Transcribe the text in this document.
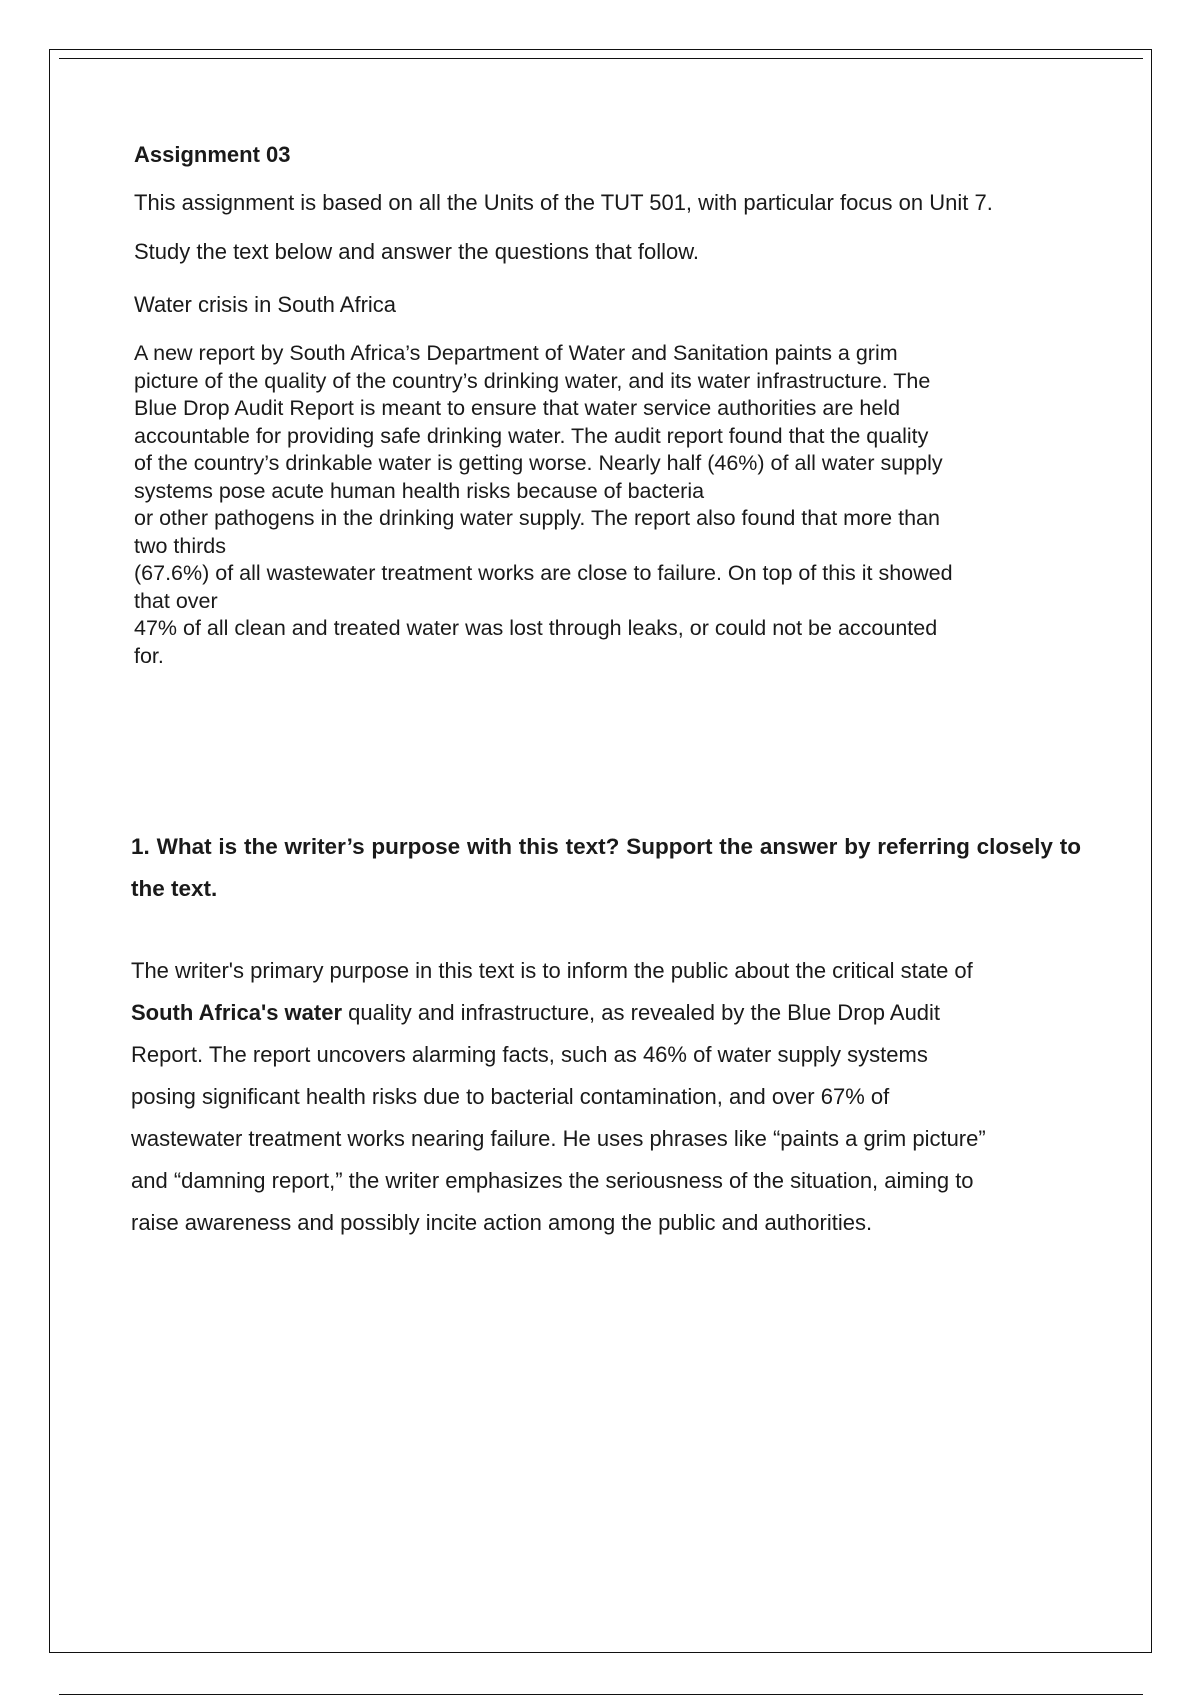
Assignment 03
This assignment is based on all the Units of the TUT 501, with particular focus on Unit 7.
Study the text below and answer the questions that follow.
Water crisis in South Africa
A new report by South Africa’s Department of Water and Sanitation paints a grim
picture of the quality of the country’s drinking water, and its water infrastructure. The
Blue Drop Audit Report is meant to ensure that water service authorities are held
accountable for providing safe drinking water. The audit report found that the quality
of the country’s drinkable water is getting worse. Nearly half (46%) of all water supply
systems pose acute human health risks because of bacteria
or other pathogens in the drinking water supply. The report also found that more than
two thirds
(67.6%) of all wastewater treatment works are close to failure. On top of this it showed
that over
47% of all clean and treated water was lost through leaks, or could not be accounted
for.
1. What is the writer’s purpose with this text? Support the answer by referring closely to the text.
The writer's primary purpose in this text is to inform the public about the critical state of
South Africa's water quality and infrastructure, as revealed by the Blue Drop Audit
Report. The report uncovers alarming facts, such as 46% of water supply systems
posing significant health risks due to bacterial contamination, and over 67% of
wastewater treatment works nearing failure. He uses phrases like “paints a grim picture”
and “damning report,” the writer emphasizes the seriousness of the situation, aiming to
raise awareness and possibly incite action among the public and authorities.
